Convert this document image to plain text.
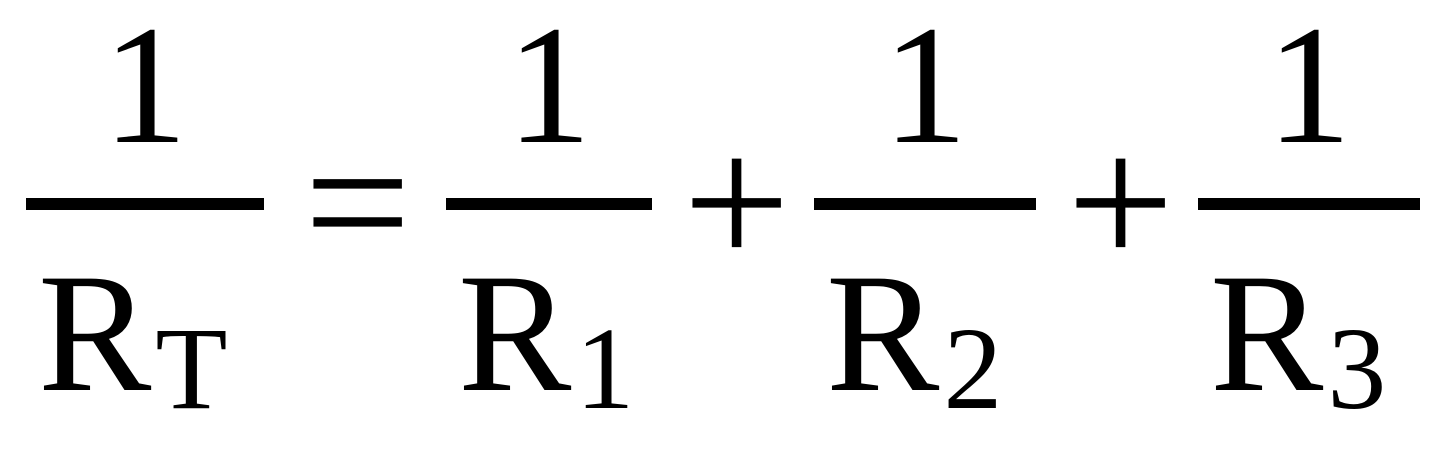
1
RT
=
1
R1
+
1
R2
+
1
R3
